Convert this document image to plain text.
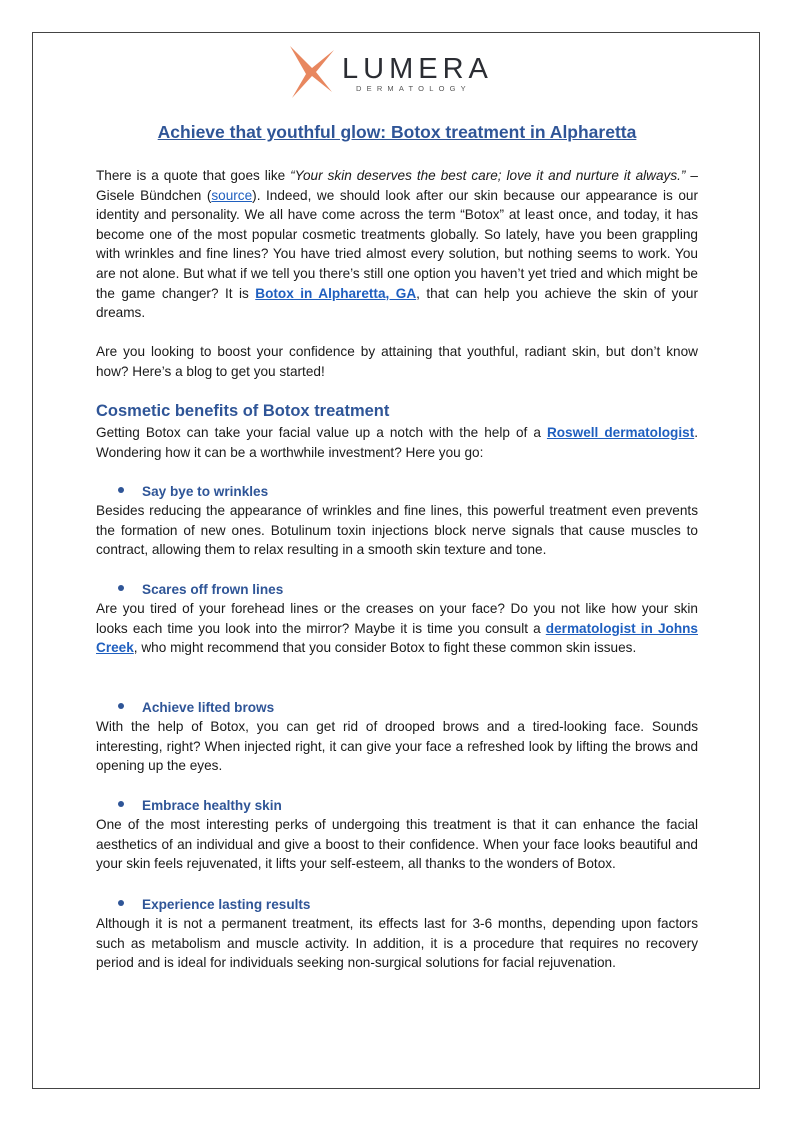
LUMERA
DERMATOLOGY
Achieve that youthful glow: Botox treatment in Alpharetta

There is a quote that goes like “Your skin deserves the best care; love it and nurture it always.” – Gisele Bündchen (source). Indeed, we should look after our skin because our appearance is our identity and personality. We all have come across the term “Botox” at least once, and today, it has become one of the most popular cosmetic treatments globally. So lately, have you been grappling with wrinkles and fine lines? You have tried almost every solution, but nothing seems to work. You are not alone. But what if we tell you there’s still one option you haven’t yet tried and which might be the game changer? It is Botox in Alpharetta, GA, that can help you achieve the skin of your dreams.

Are you looking to boost your confidence by attaining that youthful, radiant skin, but don’t know how? Here’s a blog to get you started!

Cosmetic benefits of Botox treatment

Getting Botox can take your facial value up a notch with the help of a Roswell dermatologist. Wondering how it can be a worthwhile investment? Here you go:

Say bye to wrinkles

Besides reducing the appearance of wrinkles and fine lines, this powerful treatment even prevents the formation of new ones. Botulinum toxin injections block nerve signals that cause muscles to contract, allowing them to relax resulting in a smooth skin texture and tone.

Scares off frown lines

Are you tired of your forehead lines or the creases on your face? Do you not like how your skin looks each time you look into the mirror? Maybe it is time you consult a dermatologist in Johns Creek, who might recommend that you consider Botox to fight these common skin issues.

Achieve lifted brows

With the help of Botox, you can get rid of drooped brows and a tired-looking face. Sounds interesting, right? When injected right, it can give your face a refreshed look by lifting the brows and opening up the eyes.

Embrace healthy skin

One of the most interesting perks of undergoing this treatment is that it can enhance the facial aesthetics of an individual and give a boost to their confidence. When your face looks beautiful and your skin feels rejuvenated, it lifts your self-esteem, all thanks to the wonders of Botox.

Experience lasting results

Although it is not a permanent treatment, its effects last for 3-6 months, depending upon factors such as metabolism and muscle activity. In addition, it is a procedure that requires no recovery period and is ideal for individuals seeking non-surgical solutions for facial rejuvenation.
